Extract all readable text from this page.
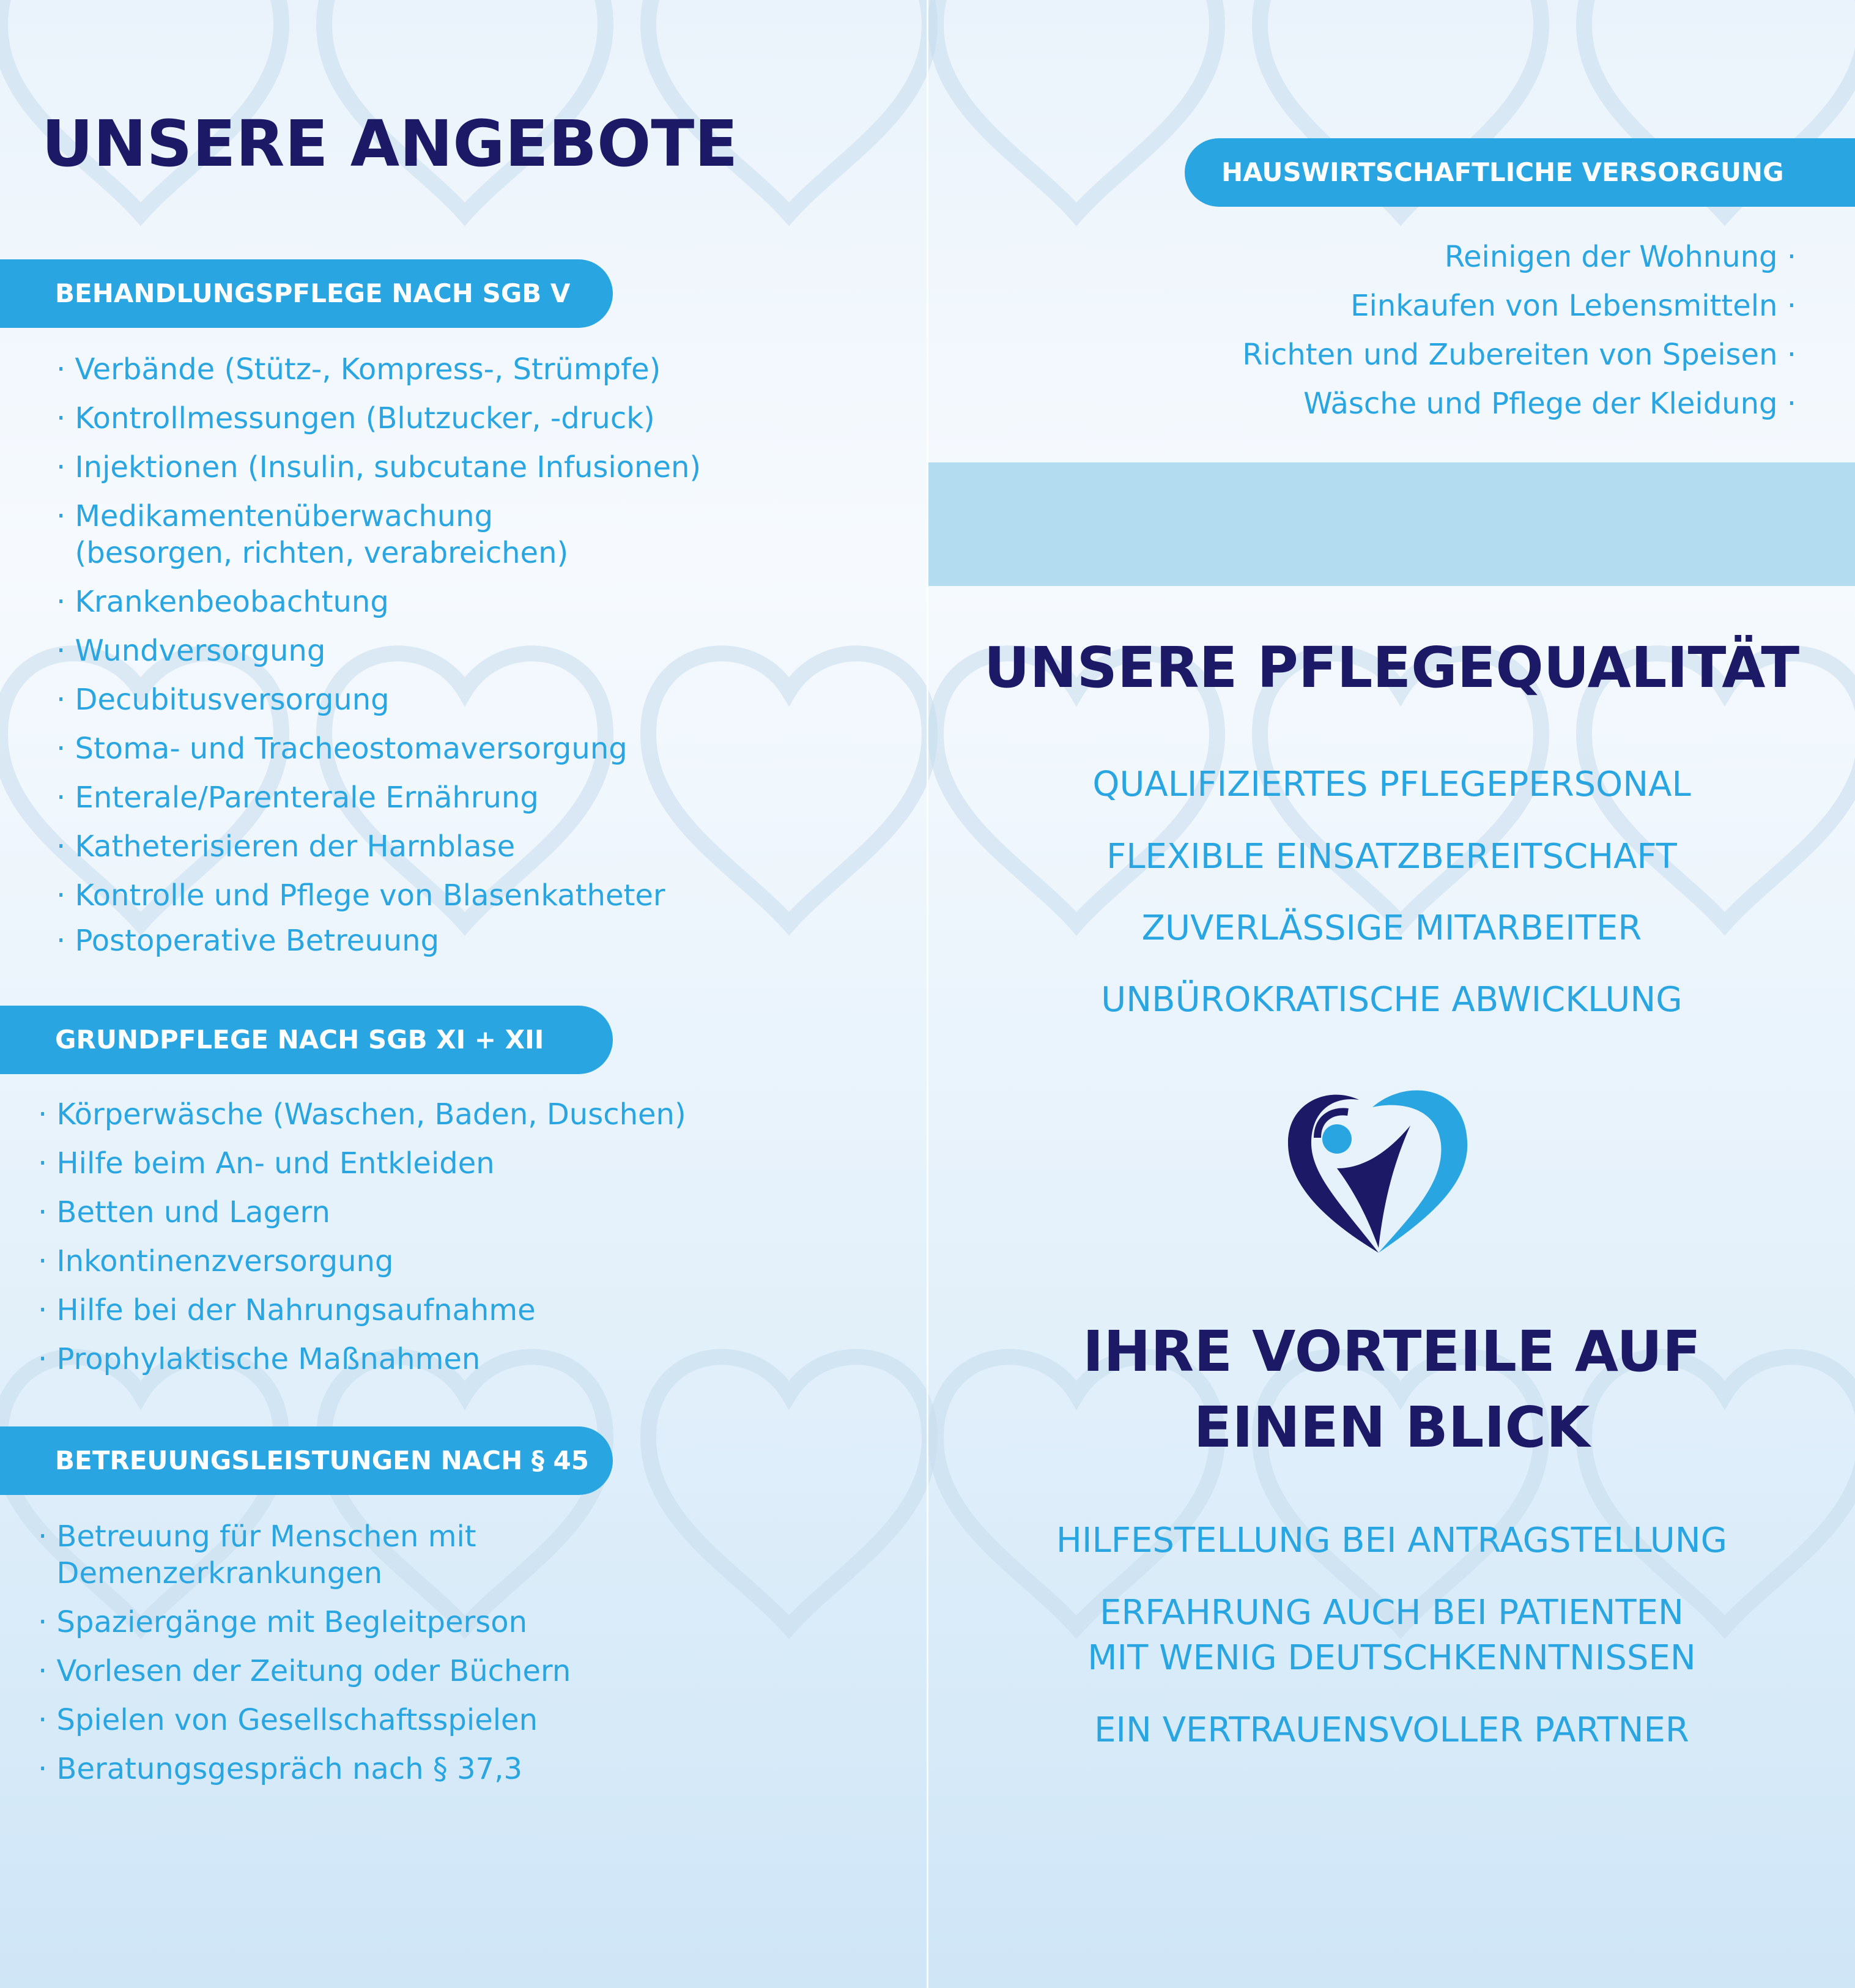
UNSERE ANGEBOTE
BEHANDLUNGSPFLEGE NACH SGB V
· Verbände (Stütz-, Kompress-, Strümpfe)
· Kontrollmessungen (Blutzucker, -druck)
· Injektionen (Insulin, subcutane Infusionen)
· Medikamentenüberwachung
(besorgen, richten, verabreichen)
· Krankenbeobachtung
· Wundversorgung
· Decubitusversorgung
· Stoma- und Tracheostomaversorgung
· Enterale/Parenterale Ernährung
· Katheterisieren der Harnblase
· Kontrolle und Pflege von Blasenkatheter
· Postoperative Betreuung
GRUNDPFLEGE NACH SGB XI + XII
· Körperwäsche (Waschen, Baden, Duschen)
· Hilfe beim An- und Entkleiden
· Betten und Lagern
· Inkontinenzversorgung
· Hilfe bei der Nahrungsaufnahme
· Prophylaktische Maßnahmen
BETREUUNGSLEISTUNGEN NACH § 45
· Betreuung für Menschen mit
Demenzerkrankungen
· Spaziergänge mit Begleitperson
· Vorlesen der Zeitung oder Büchern
· Spielen von Gesellschaftsspielen
· Beratungsgespräch nach § 37,3
HAUSWIRTSCHAFTLICHE VERSORGUNG
Reinigen der Wohnung ·
Einkaufen von Lebensmitteln ·
Richten und Zubereiten von Speisen ·
Wäsche und Pflege der Kleidung ·
UNSERE PFLEGEQUALITÄT

QUALIFIZIERTES PFLEGEPERSONAL

FLEXIBLE EINSATZBEREITSCHAFT

ZUVERLÄSSIGE MITARBEITER

UNBÜROKRATISCHE ABWICKLUNG

IHRE VORTEILE AUF
EINEN BLICK

HILFESTELLUNG BEI ANTRAGSTELLUNG

ERFAHRUNG AUCH BEI PATIENTEN

MIT WENIG DEUTSCHKENNTNISSEN

EIN VERTRAUENSVOLLER PARTNER
